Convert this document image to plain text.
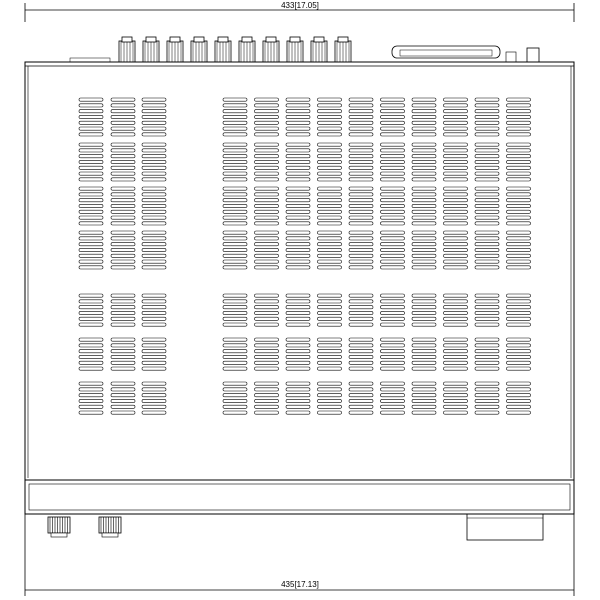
433[17.05]
435[17.13]
